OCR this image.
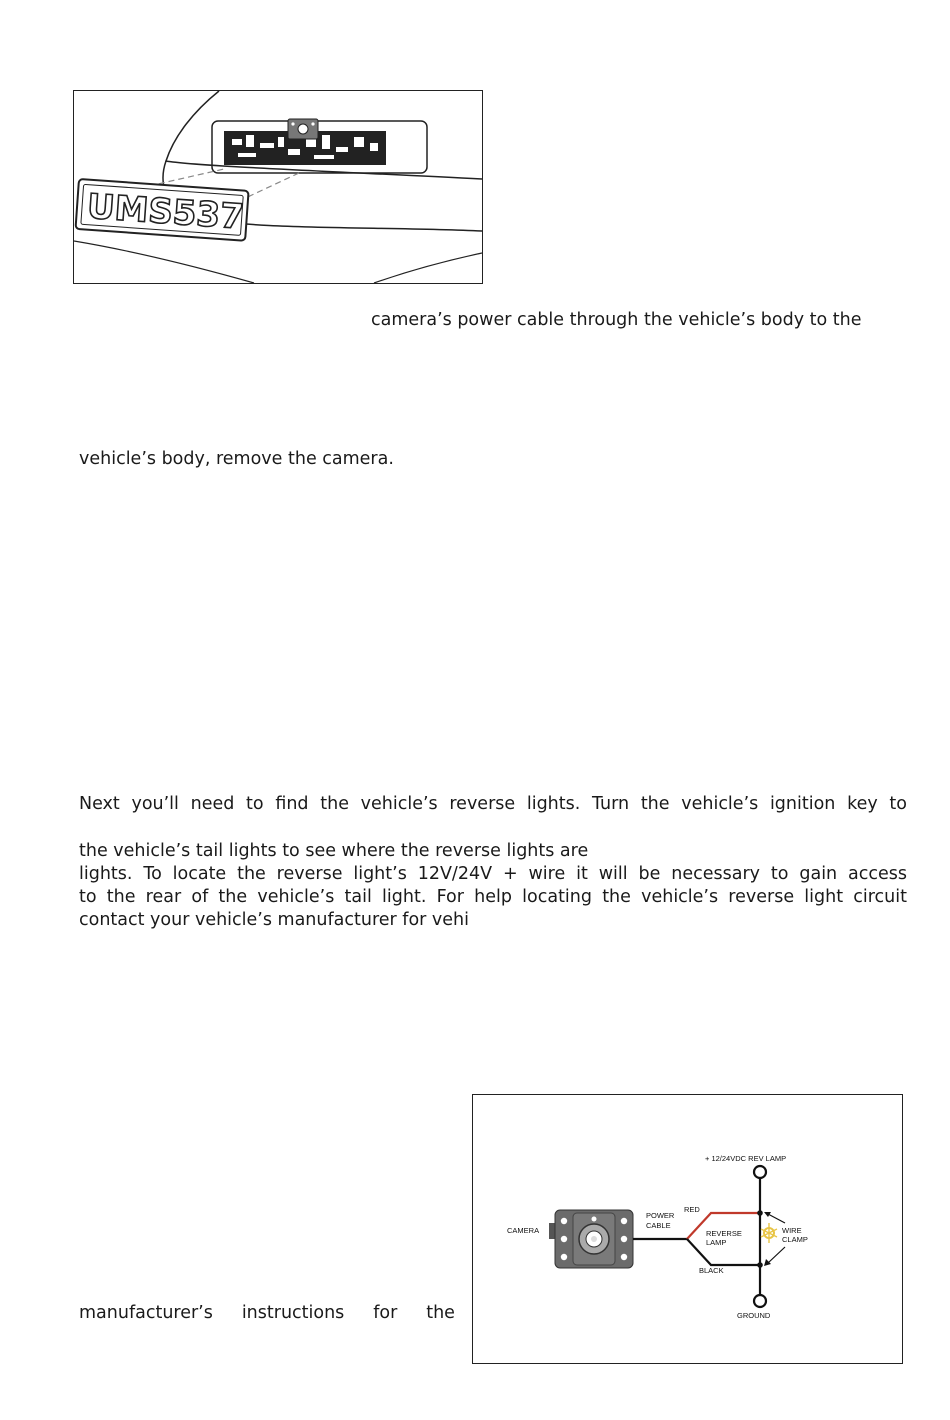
UMS537
camera’s power cable through the vehicle’s body to the
vehicle’s body, remove the camera.
Next you’ll need to find the vehicle’s reverse lights. Turn the vehicle’s ignition key to
the vehicle’s tail lights to see where the reverse lights are
lights. To locate the reverse light’s 12V/24V + wire it will be necessary to gain access
to the rear of the vehicle’s tail light. For help locating the vehicle’s reverse light circuit
contact your vehicle’s manufacturer for vehi
manufacturer’s instructions for the
+ 12/24VDC REV LAMP
GROUND
CAMERA
POWER
CABLE
RED
BLACK
REVERSE
LAMP
WIRE
CLAMP
